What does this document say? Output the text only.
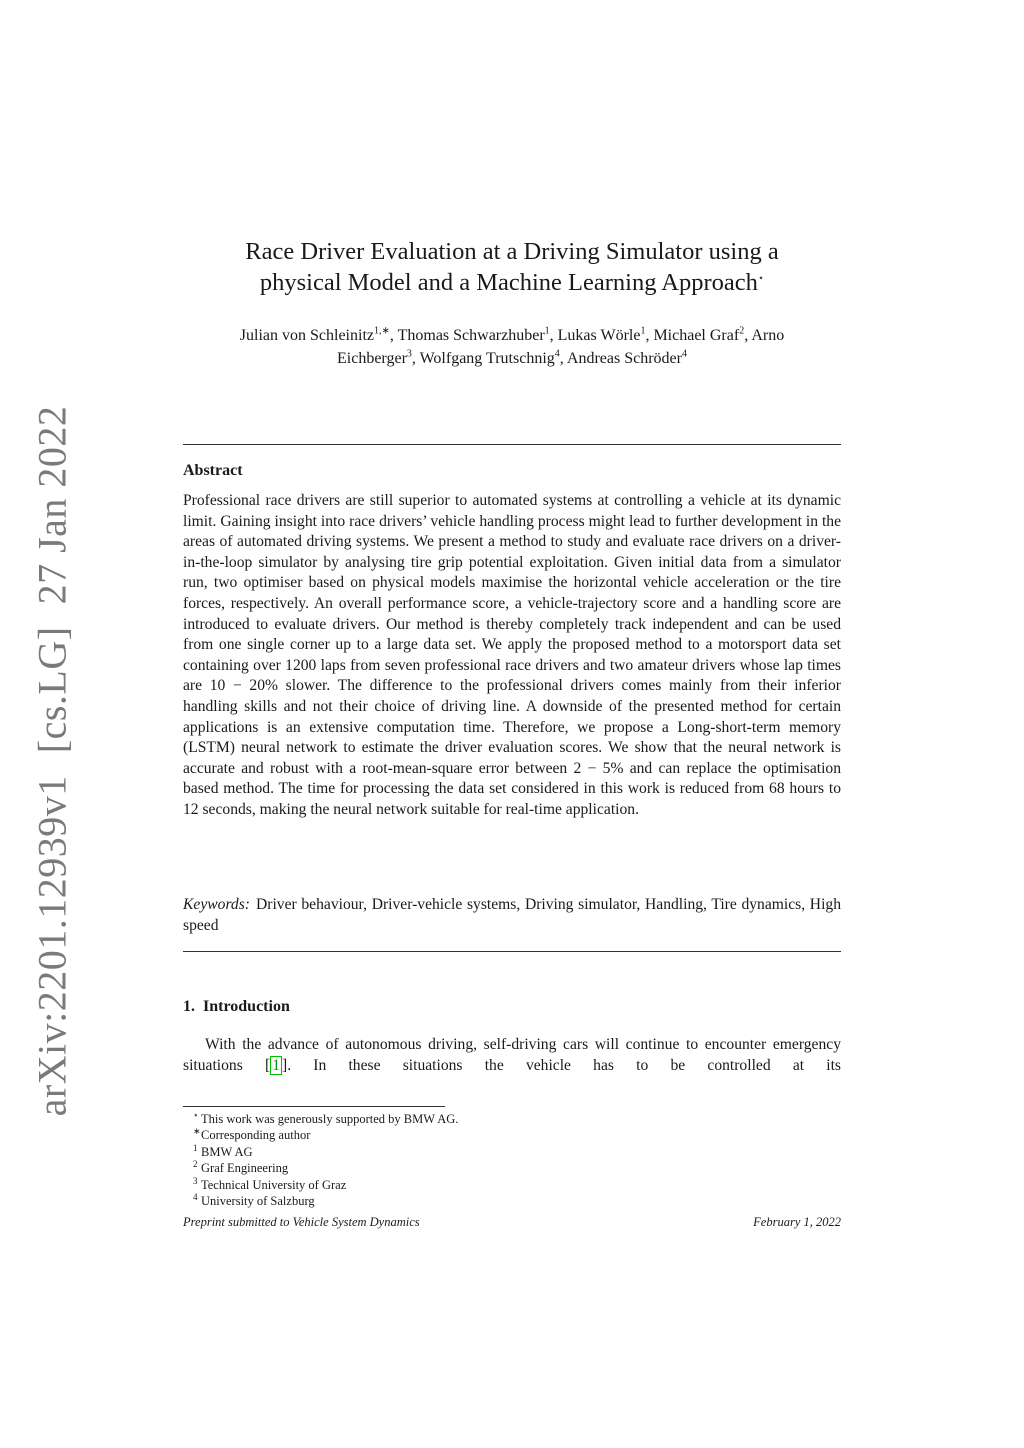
arXiv:2201.12939v1[cs.LG]27 Jan 2022
Race Driver Evaluation at a Driving Simulator using a
physical Model and a Machine Learning Approach⋆
Julian von Schleinitz$^{1,∗}$, Thomas Schwarzhuber$^1$, Lukas Wörle$^1$, Michael Graf$^2$, Arno
Eichberger$^3$, Wolfgang Trutschnig$^4$, Andreas Schröder$^4$
Abstract
Professional race drivers are still superior to automated systems at controlling a vehicle at its dynamic limit. Gaining insight into race drivers’ vehicle handling process might lead to further development in the areas of automated driving systems. We present a method to study and evaluate race drivers on a driver-in-the-loop simulator by analysing tire grip potential exploitation. Given initial data from a simulator run, two optimiser based on physical models maximise the horizontal vehicle acceleration or the tire forces, respectively. An overall performance score, a vehicle-trajectory score and a handling score are introduced to evaluate drivers. Our method is thereby completely track independent and can be used from one single corner up to a large data set. We apply the proposed method to a motorsport data set containing over 1200 laps from seven professional race drivers and two amateur drivers whose lap times are 10 − 20% slower. The difference to the professional drivers comes mainly from their inferior handling skills and not their choice of driving line. A downside of the presented method for certain applications is an extensive computation time. Therefore, we propose a Long-short-term memory (LSTM) neural network to estimate the driver evaluation scores. We show that the neural network is accurate and robust with a root-mean-square error between 2 − 5% and can replace the optimisation based method. The time for processing the data set considered in this work is reduced from 68 hours to 12 seconds, making the neural network suitable for real-time application.
Keywords: Driver behaviour, Driver-vehicle systems, Driving simulator, Handling, Tire dynamics, High speed
1. Introduction
With the advance of autonomous driving, self-driving cars will continue to encounter emergency situations [ 1 ]. In these situations the vehicle has to be controlled at its
⋆ This work was generously supported by BMW AG.
∗ Corresponding author
1 BMW AG
2 Graf Engineering
3 Technical University of Graz
4 University of Salzburg
Preprint submitted to Vehicle System Dynamics	February 1, 2022
